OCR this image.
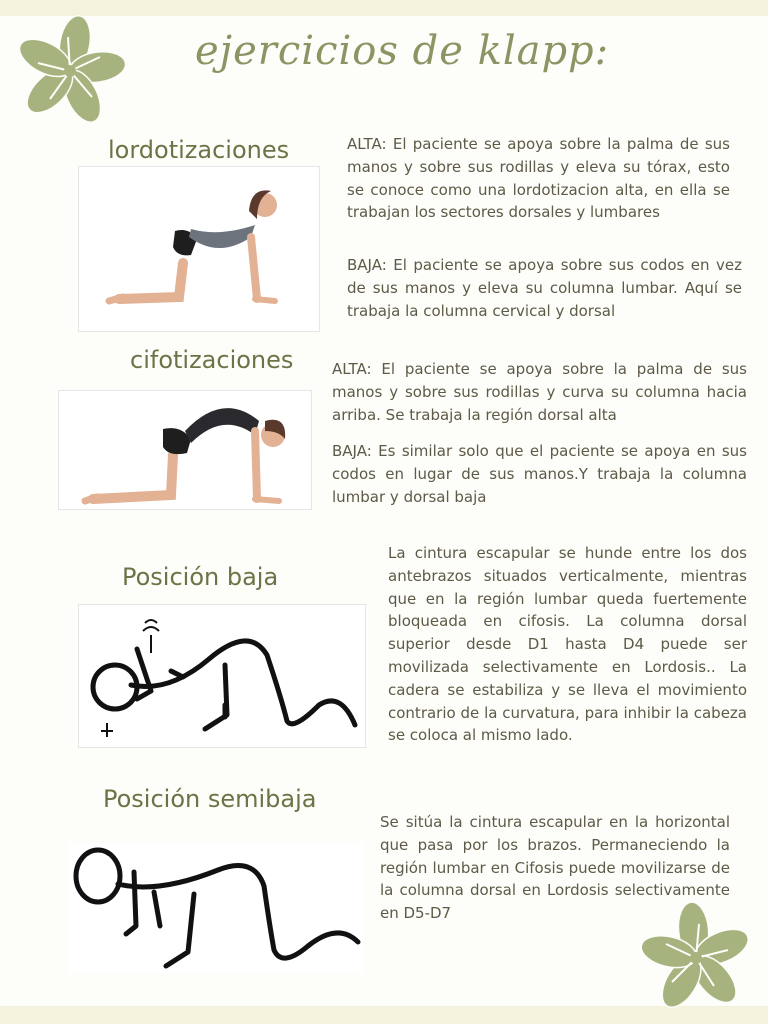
ejercicios de klapp:
lordotizaciones	ALTA: El paciente se apoya sobre la palma de sus manos y sobre sus rodillas y eleva su tórax, esto se conoce como una lordotizacion alta, en ella se trabajan los sectores dorsales y lumbares

BAJA: El paciente se apoya sobre sus codos en vez de sus manos y eleva su columna lumbar. Aquí se trabaja la columna cervical y dorsal

cifotizaciones	ALTA: El paciente se apoya sobre la palma de sus manos y sobre sus rodillas y curva su columna hacia arriba. Se trabaja la región dorsal alta

BAJA: Es similar solo que el paciente se apoya en sus codos en lugar de sus manos.Y trabaja la columna lumbar y dorsal baja

Posición baja

La cintura escapular se hunde entre los dos antebrazos situados verticalmente, mientras que en la región lumbar queda fuertemente bloqueada en cifosis. La columna dorsal superior desde D1 hasta D4 puede ser movilizada selectivamente en Lordosis.. La cadera se estabiliza y se lleva el movimiento contrario de la curvatura, para inhibir la cabeza se coloca al mismo lado.

Posición semibaja

Se sitúa la cintura escapular en la horizontal que pasa por los brazos. Permaneciendo la región lumbar en Cifosis puede movilizarse de la columna dorsal en Lordosis selectivamente en D5-D7
